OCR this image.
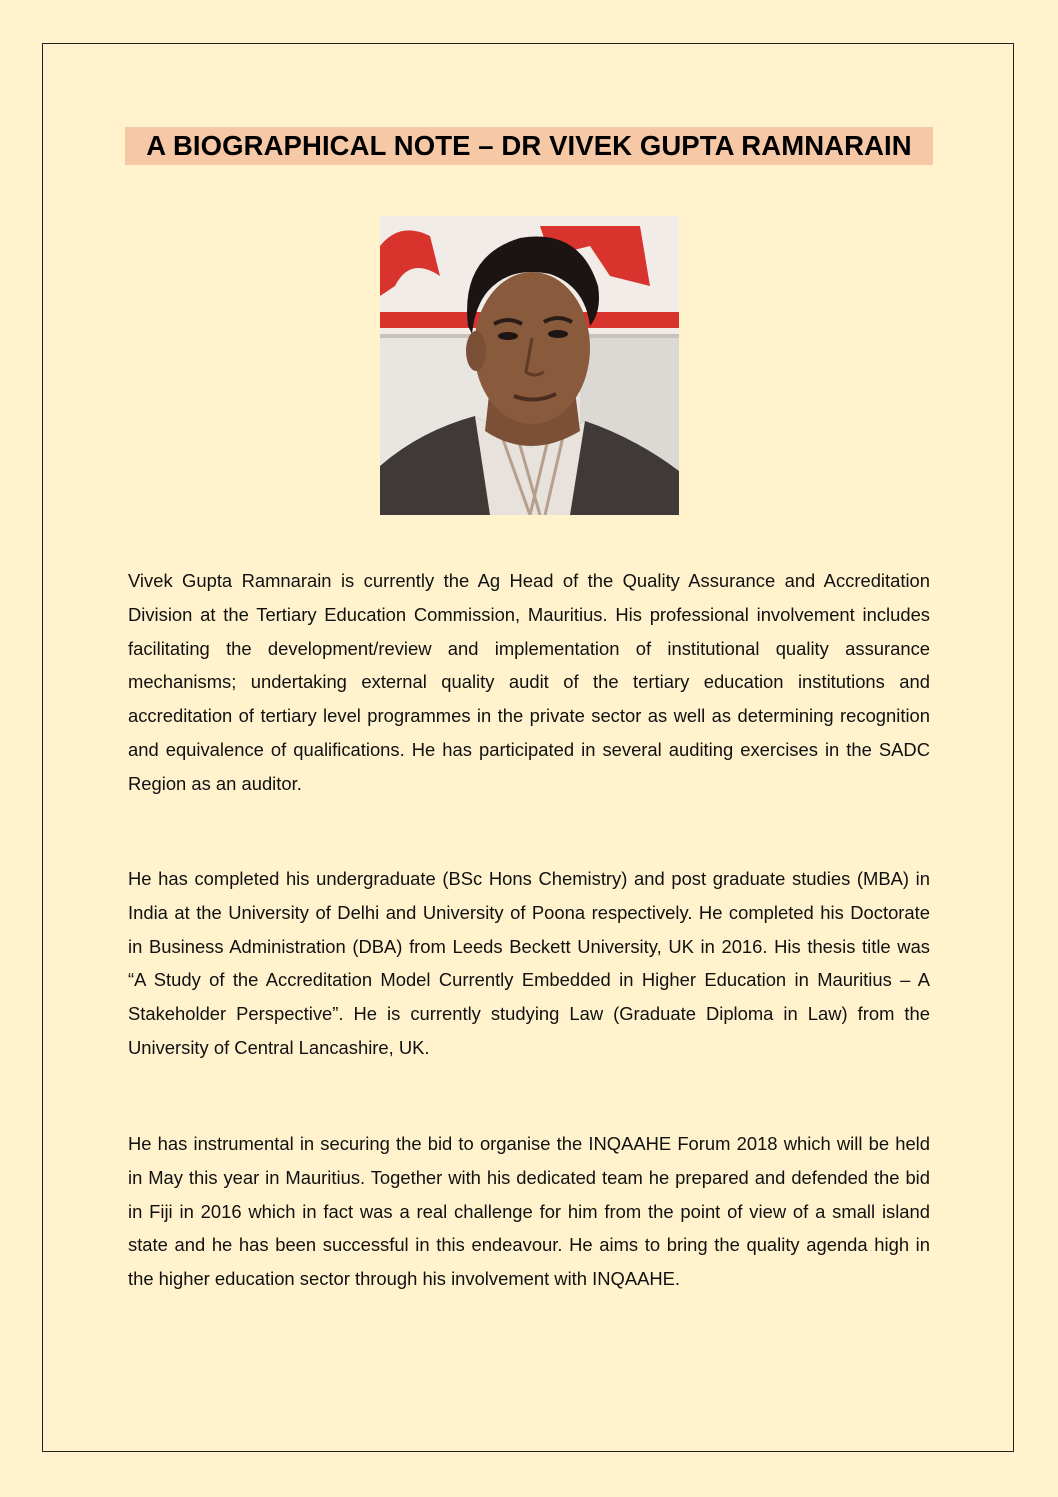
A BIOGRAPHICAL NOTE – DR VIVEK GUPTA RAMNARAIN

Vivek Gupta Ramnarain is currently the Ag Head of the Quality Assurance and Accreditation Division at the Tertiary Education Commission, Mauritius. His professional involvement includes facilitating the development/review and implementation of institutional quality assurance mechanisms; undertaking external quality audit of the tertiary education institutions and accreditation of tertiary level programmes in the private sector as well as determining recognition and equivalence of qualifications. He has participated in several auditing exercises in the SADC Region as an auditor.

He has completed his undergraduate (BSc Hons Chemistry) and post graduate studies (MBA) in India at the University of Delhi and University of Poona respectively. He completed his Doctorate in Business Administration (DBA) from Leeds Beckett University, UK in 2016. His thesis title was “A Study of the Accreditation Model Currently Embedded in Higher Education in Mauritius – A Stakeholder Perspective”. He is currently studying Law (Graduate Diploma in Law) from the University of Central Lancashire, UK.

He has instrumental in securing the bid to organise the INQAAHE Forum 2018 which will be held in May this year in Mauritius. Together with his dedicated team he prepared and defended the bid in Fiji in 2016 which in fact was a real challenge for him from the point of view of a small island state and he has been successful in this endeavour. He aims to bring the quality agenda high in the higher education sector through his involvement with INQAAHE.
